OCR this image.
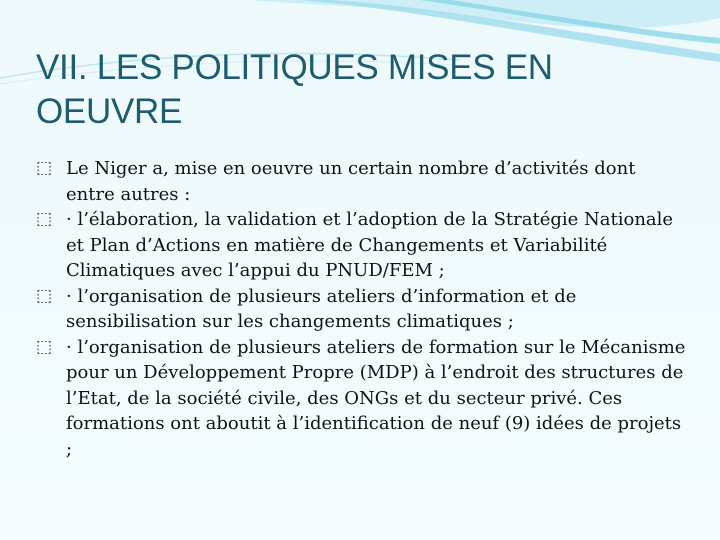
VII. LES POLITIQUES MISES EN
OEUVRE
⬚ Le Niger a, mise en oeuvre un certain nombre d’activités dont entre autres :
⬚ · l’élaboration, la validation et l’adoption de la Stratégie Nationale et Plan d’Actions en matière de Changements et Variabilité Climatiques avec l’appui du PNUD/FEM ;
⬚ · l’organisation de plusieurs ateliers d’information et de sensibilisation sur les changements climatiques ;
⬚ · l’organisation de plusieurs ateliers de formation sur le Mécanisme pour un Développement Propre (MDP) à l’endroit des structures de l’Etat, de la société civile, des ONGs et du secteur privé. Ces formations ont aboutit à l’identification de neuf (9) idées de projets ;
